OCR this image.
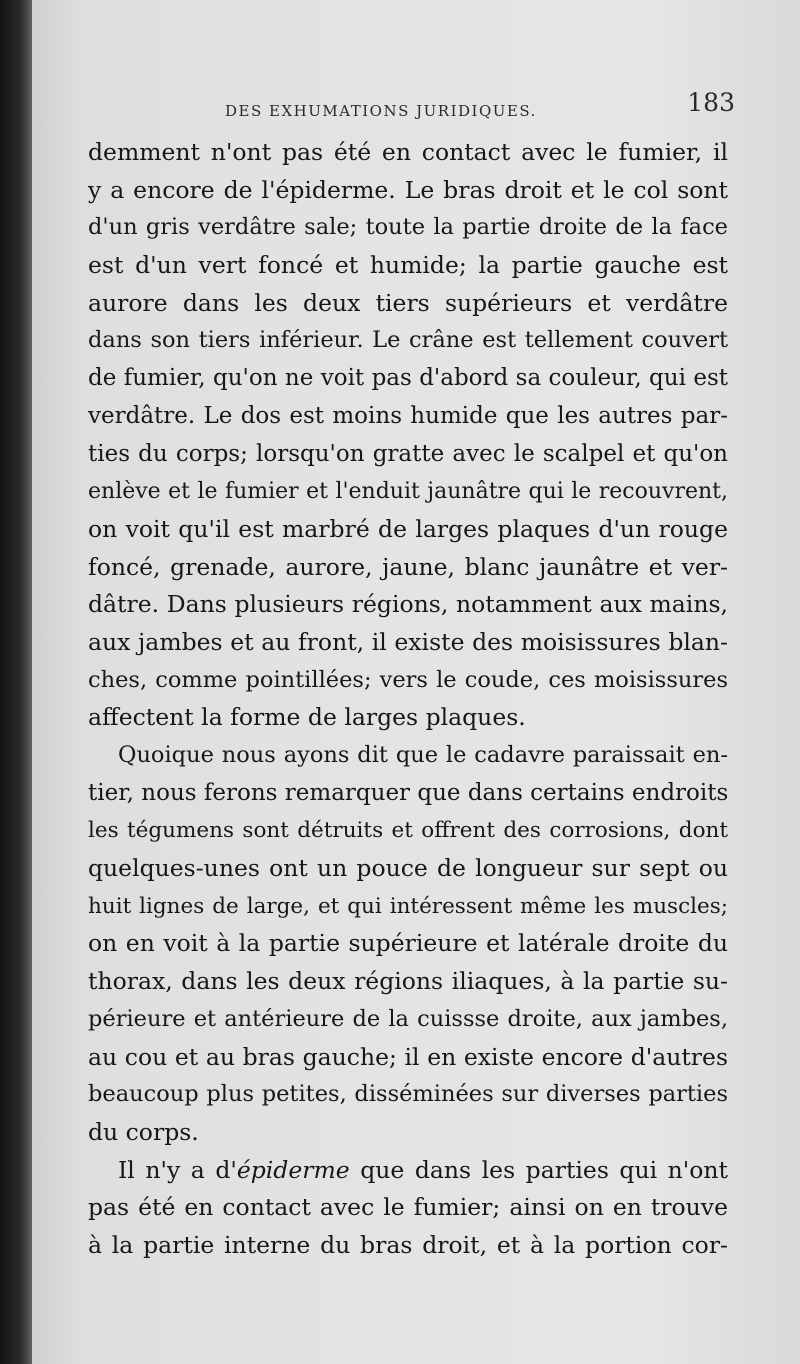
DES EXHUMATIONS JURIDIQUES.	183
demment n'ont pas été en contact avec le fumier, il
y a encore de l'épiderme. Le bras droit et le col sont
d'un gris verdâtre sale; toute la partie droite de la face
est d'un vert foncé et humide; la partie gauche est
aurore dans les deux tiers supérieurs et verdâtre
dans son tiers inférieur. Le crâne est tellement couvert
de fumier, qu'on ne voit pas d'abord sa couleur, qui est
verdâtre. Le dos est moins humide que les autres par-
ties du corps; lorsqu'on gratte avec le scalpel et qu'on
enlève et le fumier et l'enduit jaunâtre qui le recouvrent,
on voit qu'il est marbré de larges plaques d'un rouge
foncé, grenade, aurore, jaune, blanc jaunâtre et ver-
dâtre. Dans plusieurs régions, notamment aux mains,
aux jambes et au front, il existe des moisissures blan-
ches, comme pointillées; vers le coude, ces moisissures
affectent la forme de larges plaques.
Quoique nous ayons dit que le cadavre paraissait en-
tier, nous ferons remarquer que dans certains endroits
les tégumens sont détruits et offrent des corrosions, dont
quelques-unes ont un pouce de longueur sur sept ou
huit lignes de large, et qui intéressent même les muscles;
on en voit à la partie supérieure et latérale droite du
thorax, dans les deux régions iliaques, à la partie su-
périeure et antérieure de la cuissse droite, aux jambes,
au cou et au bras gauche; il en existe encore d'autres
beaucoup plus petites, disséminées sur diverses parties
du corps.
Il n'y a d'épiderme que dans les parties qui n'ont
pas été en contact avec le fumier; ainsi on en trouve
à la partie interne du bras droit, et à la portion cor-
